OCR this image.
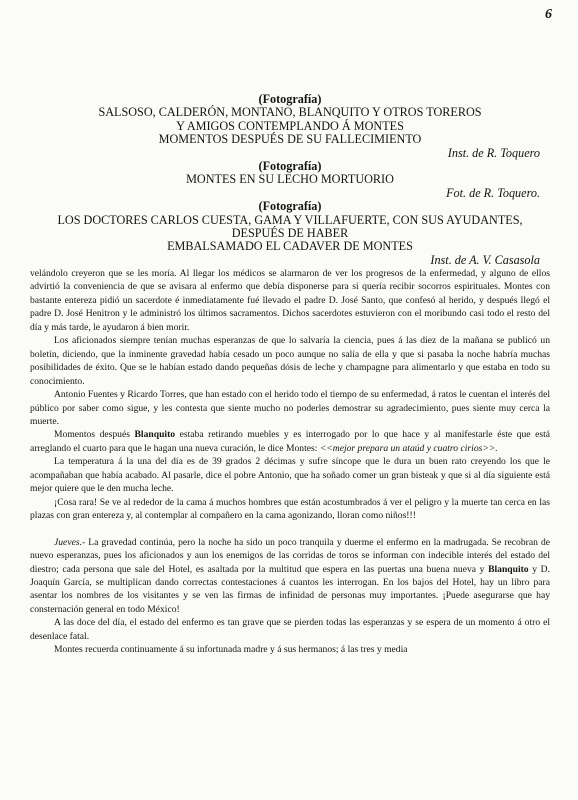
6
(Fotografía)
SALSOSO, CALDERÓN, MONTANO, BLANQUITO Y OTROS TOREROS
Y AMIGOS CONTEMPLANDO Á MONTES
MOMENTOS DESPUÉS DE SU FALLECIMIENTO
Inst. de R. Toquero
(Fotografía)
MONTES EN SU LECHO MORTUORIO
Fot. de R. Toquero.
(Fotografía)
LOS DOCTORES CARLOS CUESTA, GAMA Y VILLAFUERTE, CON SUS AYUDANTES,
DESPUÉS DE HABER
EMBALSAMADO EL CADAVER DE MONTES
Inst. de A. V. Casasola

velándolo creyeron que se les moría. Al llegar los médicos se alarmaron de ver los progresos de la enfermedad, y alguno de ellos advirtió la conveniencia de que se avisara al enfermo que debía disponerse para si quería recibir socorros espirituales. Montes con bastante entereza pidió un sacerdote é inmediatamente fué llevado el padre D. José Santo, que confesó al herido, y después llegó el padre D. José Henitron y le administró los últimos sacramentos. Dichos sacerdotes estuvieron con el moribundo casi todo el resto del día y más tarde, le ayudaron á bien morir.

Los aficionados siempre tenían muchas esperanzas de que lo salvaría la ciencia, pues á las diez de la mañana se publicó un boletín, diciendo, que la inminente gravedad había cesado un poco aunque no salía de ella y que si pasaba la noche habría muchas posibilidades de éxito. Que se le habían estado dando pequeñas dósis de leche y champagne para alimentarlo y que estaba en todo su conocimiento.

Antonio Fuentes y Ricardo Torres, que han estado con el herido todo el tiempo de su enfermedad, á ratos le cuentan el interés del público por saber como sigue, y les contesta que siente mucho no poderles demostrar su agradecimiento, pues siente muy cerca la muerte.

Momentos después Blanquito estaba retirando muebles y es interrogado por lo que hace y al manifestarle éste que está arreglando el cuarto para que le hagan una nueva curación, le dice Montes: <<mejor prepara un ataúd y cuatro cirios>>.

La temperatura á la una del día es de 39 grados 2 décimas y sufre síncope que le dura un buen rato creyendo los que le acompañaban que había acabado. Al pasarle, dice el pobre Antonio, que ha soñado comer un gran bisteak y que si al día siguiente está mejor quiere que le den mucha leche.

¡Cosa rara! Se ve al rededor de la cama á muchos hombres que están acostumbrados á ver el peligro y la muerte tan cerca en las plazas con gran entereza y, al contemplar al compañero en la cama agonizando, lloran como niños!!!

Jueves.- La gravedad continúa, pero la noche ha sido un poco tranquila y duerme el enfermo en la madrugada. Se recobran de nuevo esperanzas, pues los aficionados y aun los enemigos de las corridas de toros se informan con indecible interés del estado del diestro; cada persona que sale del Hotel, es asaltada por la multitud que espera en las puertas una buena nueva y Blanquito y D. Joaquín García, se multiplican dando correctas contestaciones á cuantos les interrogan. En los bajos del Hotel, hay un libro para asentar los nombres de los visitantes y se ven las firmas de infinidad de personas muy importantes. ¡Puede asegurarse que hay consternación general en todo México!

A las doce del día, el estado del enfermo es tan grave que se pierden todas las esperanzas y se espera de un momento á otro el desenlace fatal.

Montes recuerda continuamente á su infortunada madre y á sus hermanos; á las tres y media
